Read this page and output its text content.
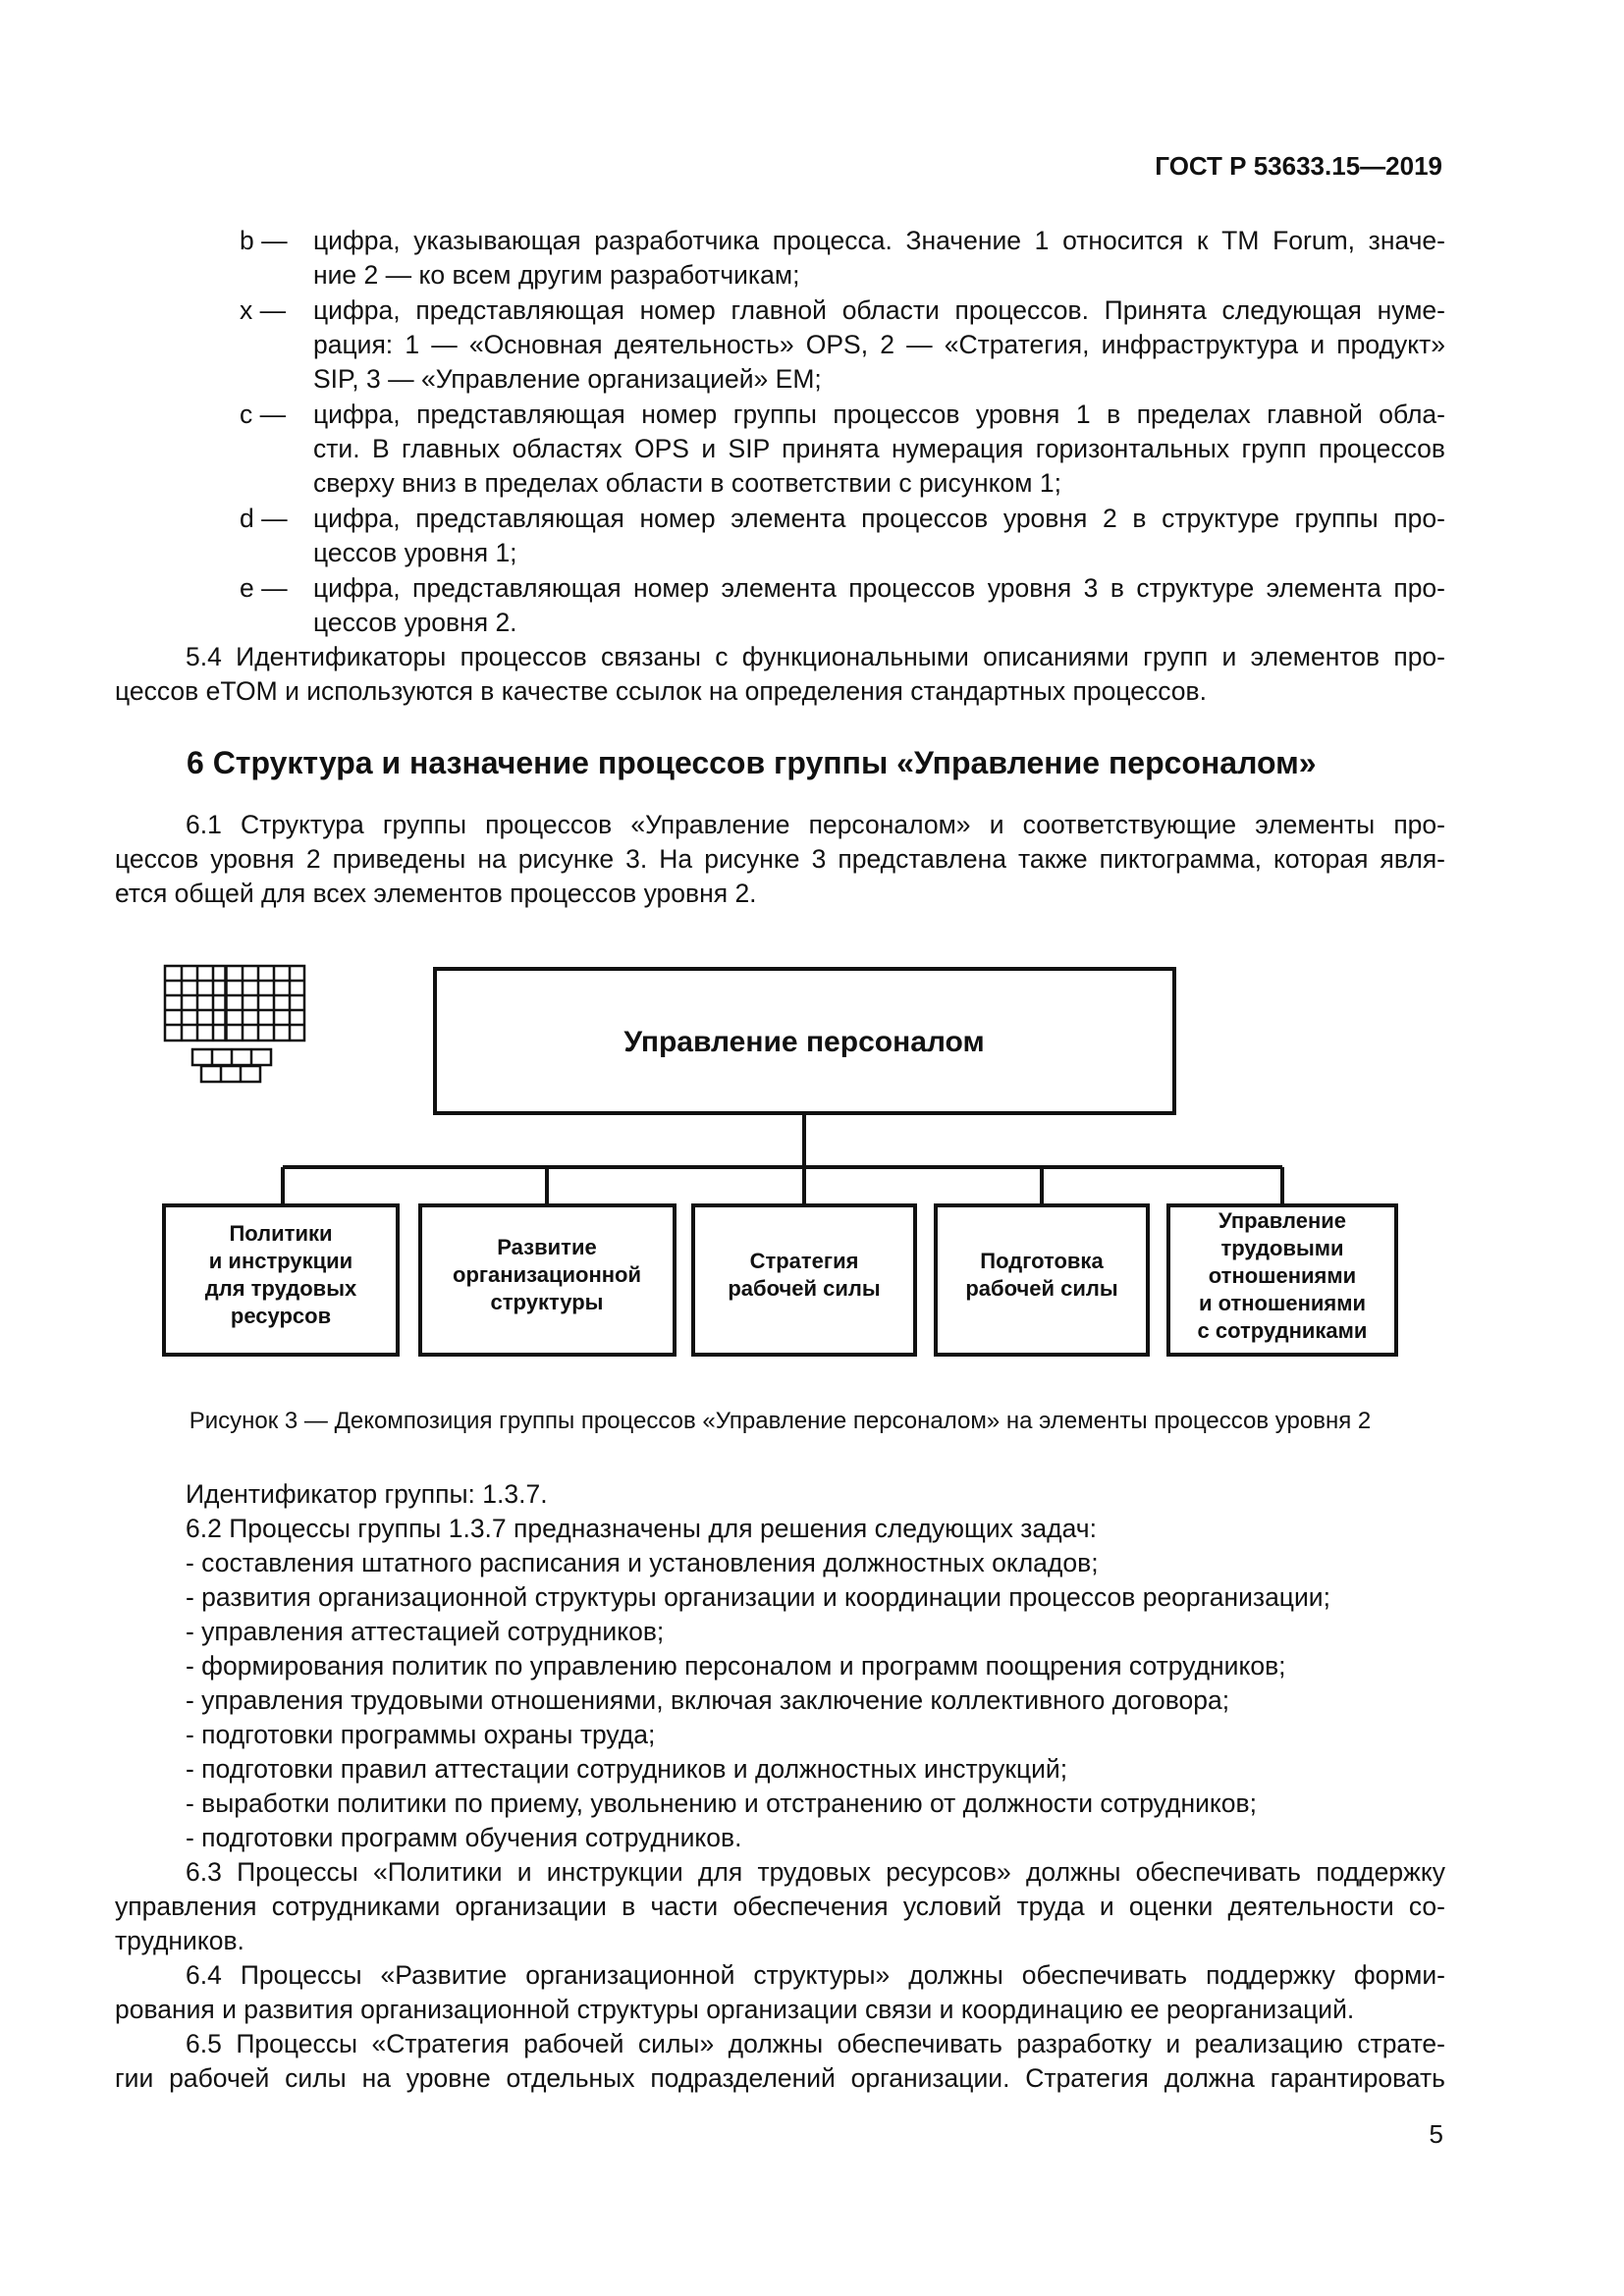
ГОСТ Р 53633.15—2019
b — цифра, указывающая разработчика процесса. Значение 1 относится к TM Forum, значе-
ние 2 — ко всем другим разработчикам;
x —	цифра, представляющая номер главной области процессов. Принята следующая нуме-
рация: 1 — «Основная деятельность» OPS, 2 — «Стратегия, инфраструктура и продукт»
SIP, 3 — «Управление организацией» EM;
c —	цифра, представляющая номер группы процессов уровня 1 в пределах главной обла-
сти. В главных областях OPS и SIP принята нумерация горизонтальных групп процессов
сверху вниз в пределах области в соответствии с рисунком 1;
d — цифра, представляющая номер элемента процессов уровня 2 в структуре группы про-
цессов уровня 1;
e — цифра, представляющая номер элемента процессов уровня 3 в структуре элемента про-
цессов уровня 2.
5.4 Идентификаторы процессов связаны с функциональными описаниями групп и элементов про-
цессов eTOM и используются в качестве ссылок на определения стандартных процессов.
6 Структура и назначение процессов группы «Управление персоналом»
6.1 Структура группы процессов «Управление персоналом» и соответствующие элементы про-
цессов уровня 2 приведены на рисунке 3. На рисунке 3 представлена также пиктограмма, которая явля-
ется общей для всех элементов процессов уровня 2.
Управление персоналом
Политики
и инструкции
для трудовых
ресурсов
Развитие
организационной
структуры
Стратегия
рабочей силы
Подготовка
рабочей силы
Управление
трудовыми
отношениями
и отношениями
с сотрудниками
Рисунок 3 — Декомпозиция группы процессов «Управление персоналом» на элементы процессов уровня 2
Идентификатор группы: 1.3.7.
6.2 Процессы группы 1.3.7 предназначены для решения следующих задач:
- составления штатного расписания и установления должностных окладов;
- развития организационной структуры организации и координации процессов реорганизации;
- управления аттестацией сотрудников;
- формирования политик по управлению персоналом и программ поощрения сотрудников;
- управления трудовыми отношениями, включая заключение коллективного договора;
- подготовки программы охраны труда;
- подготовки правил аттестации сотрудников и должностных инструкций;
- выработки политики по приему, увольнению и отстранению от должности сотрудников;
- подготовки программ обучения сотрудников.
6.3 Процессы «Политики и инструкции для трудовых ресурсов» должны обеспечивать поддержку
управления сотрудниками организации в части обеспечения условий труда и оценки деятельности со-
трудников.
6.4 Процессы «Развитие организационной структуры» должны обеспечивать поддержку форми-
рования и развития организационной структуры организации связи и координацию ее реорганизаций.
6.5 Процессы «Стратегия рабочей силы» должны обеспечивать разработку и реализацию страте-
гии рабочей силы на уровне отдельных подразделений организации. Стратегия должна гарантировать
5
